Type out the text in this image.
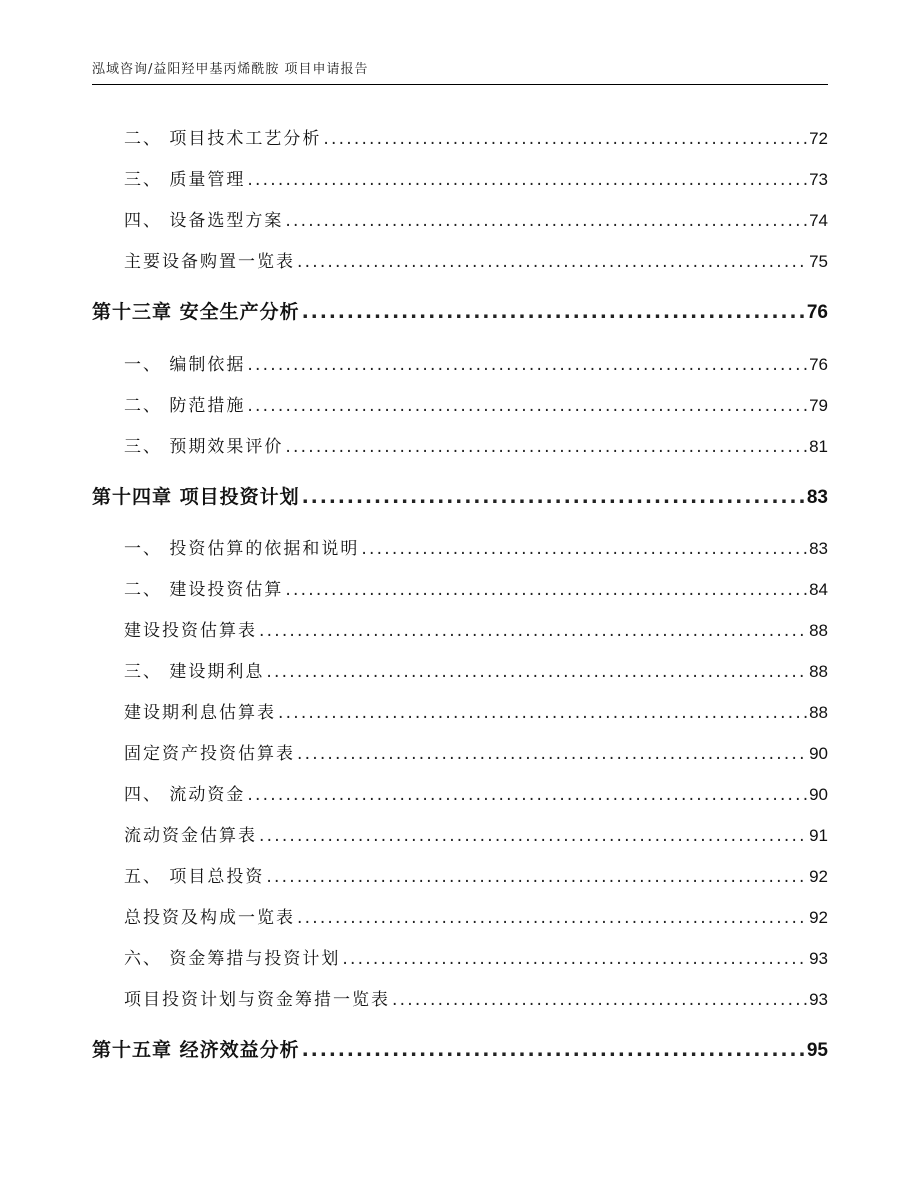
泓域咨询/益阳羟甲基丙烯酰胺 项目申请报告
二、 项目技术工艺分析 . . .	72
三、 质量管理 . . .	73
四、 设备选型方案 . . .	74
主要设备购置一览表 . . .	75
第十三章 安全生产分析 . . .	76
一、 编制依据 . . .	76
二、 防范措施 . . .	79
三、 预期效果评价 . . .	81
第十四章 项目投资计划 . . .	83
一、 投资估算的依据和说明 . . .	83
二、 建设投资估算 . . .	84
建设投资估算表 . . .	88
三、 建设期利息 . . .	88
建设期利息估算表 . . .	88
固定资产投资估算表 . . .	90
四、 流动资金 . . .	90
流动资金估算表 . . .	91
五、 项目总投资 . . .	92
总投资及构成一览表 . . .	92
六、 资金筹措与投资计划 . . .	93
项目投资计划与资金筹措一览表 . . .	93
第十五章 经济效益分析 . . .	95
